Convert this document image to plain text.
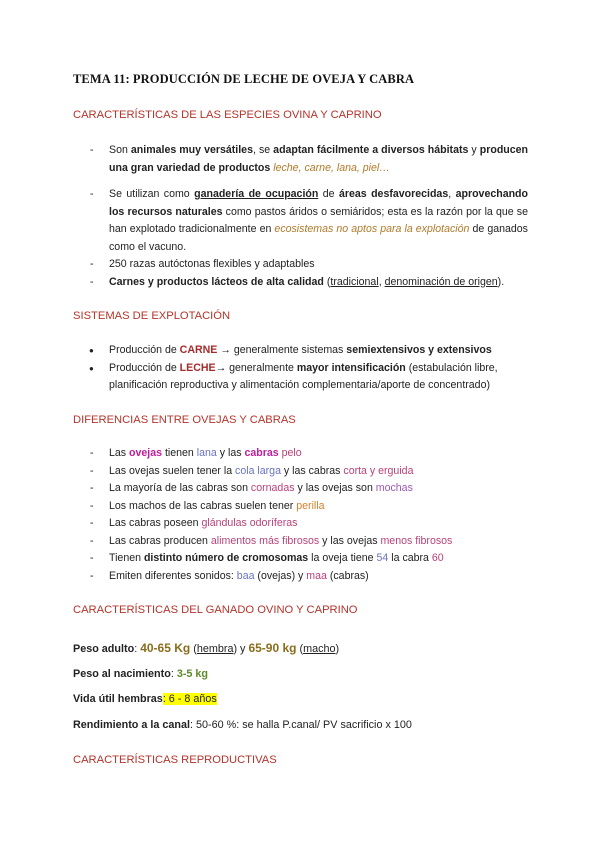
TEMA 11: PRODUCCIÓN DE LECHE DE OVEJA Y CABRA
CARACTERÍSTICAS DE LAS ESPECIES OVINA Y CAPRINO
- Son animales muy versátiles, se adaptan fácilmente a diversos hábitats y producen una gran variedad de productos leche, carne, lana, piel…
- Se utilizan como ganadería de ocupación de áreas desfavorecidas, aprovechando los recursos naturales como pastos áridos o semiáridos; esta es la razón por la que se han explotado tradicionalmente en ecosistemas no aptos para la explotación de ganados como el vacuno.
- 250 razas autóctonas flexibles y adaptables
- Carnes y productos lácteos de alta calidad (tradicional, denominación de origen).
SISTEMAS DE EXPLOTACIÓN
● Producción de CARNE → generalmente sistemas semiextensivos y extensivos
● Producción de LECHE→ generalmente mayor intensificación (estabulación libre, planificación reproductiva y alimentación complementaria/aporte de concentrado)
DIFERENCIAS ENTRE OVEJAS Y CABRAS
- Las ovejas tienen lana y las cabras pelo
- Las ovejas suelen tener la cola larga y las cabras corta y erguida
- La mayoría de las cabras son cornadas y las ovejas son mochas
- Los machos de las cabras suelen tener perilla
- Las cabras poseen glándulas odoríferas
- Las cabras producen alimentos más fibrosos y las ovejas menos fibrosos
- Tienen distinto número de cromosomas la oveja tiene 54 la cabra 60
- Emiten diferentes sonidos: baa (ovejas) y maa (cabras)
CARACTERÍSTICAS DEL GANADO OVINO Y CAPRINO
Peso adulto: 40-65 Kg (hembra) y 65-90 kg (macho)
Peso al nacimiento: 3-5 kg
Vida útil hembras: 6 - 8 años
Rendimiento a la canal: 50-60 %: se halla P.canal/ PV sacrificio x 100
CARACTERÍSTICAS REPRODUCTIVAS
